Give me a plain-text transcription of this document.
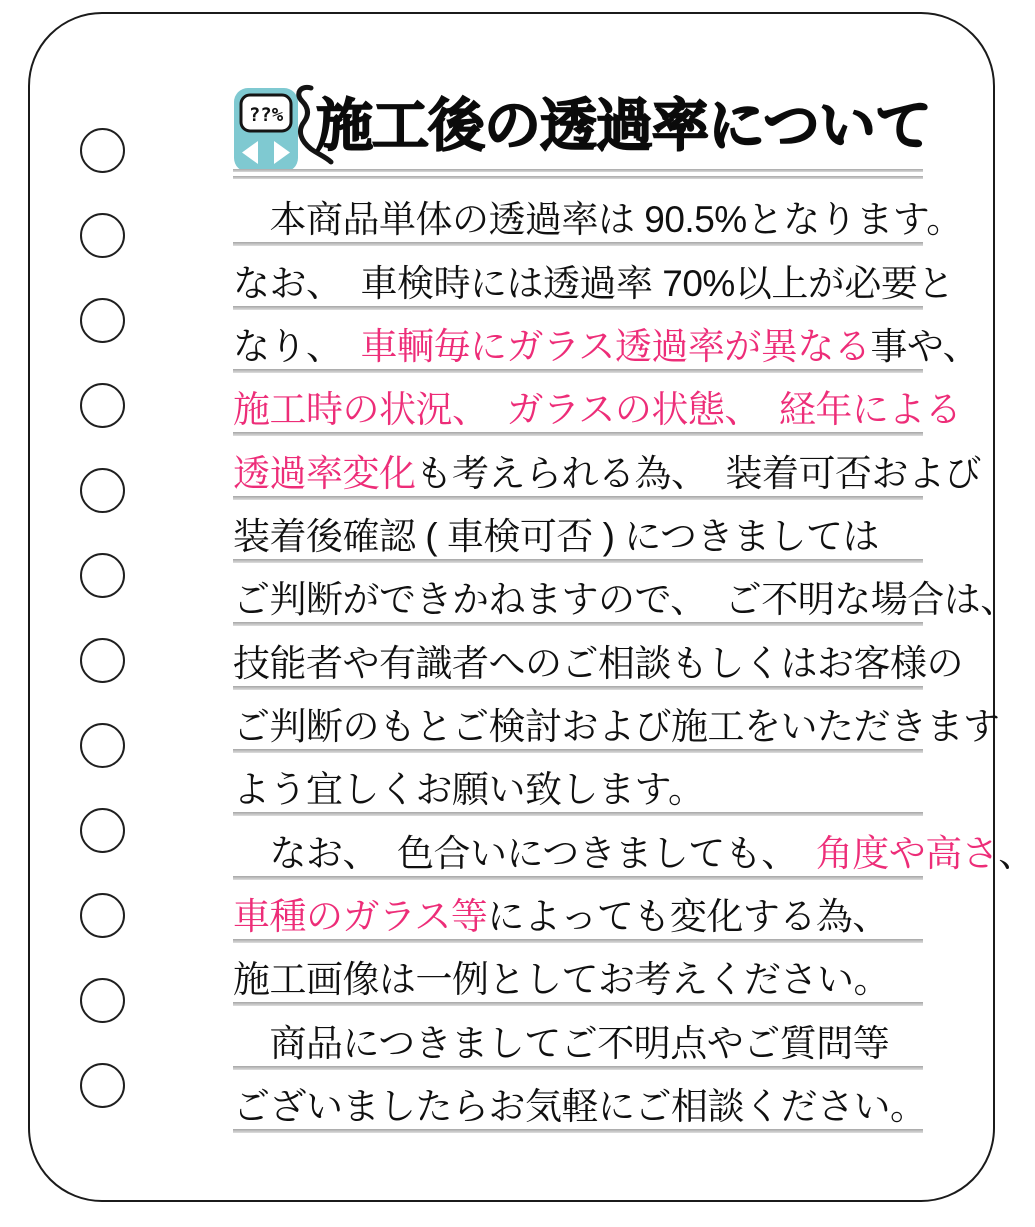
??% 施工後の透過率について
　本商品単体の透過率は 90.5%となります。
なお、　車検時には透過率 70%以上が必要と
なり、　 車輌毎にガラス透過率が異なる 事や、
施工時の状況、　ガラスの状態、　経年による
透過率変化 も考えられる為、　装着可否および
装着後確認 ( 車検可否 ) につきましては
ご判断ができかねますので、　ご不明な場合は、
技能者や有識者へのご相談もしくはお客様の
ご判断のもとご検討および施工をいただきます
よう宜しくお願い致します。
　なお、　色合いにつきましても、　 角度や高さ 、
車種のガラス等 によっても変化する為、
施工画像は一例としてお考えください。
　商品につきましてご不明点やご質問等
ございましたらお気軽にご相談ください。
